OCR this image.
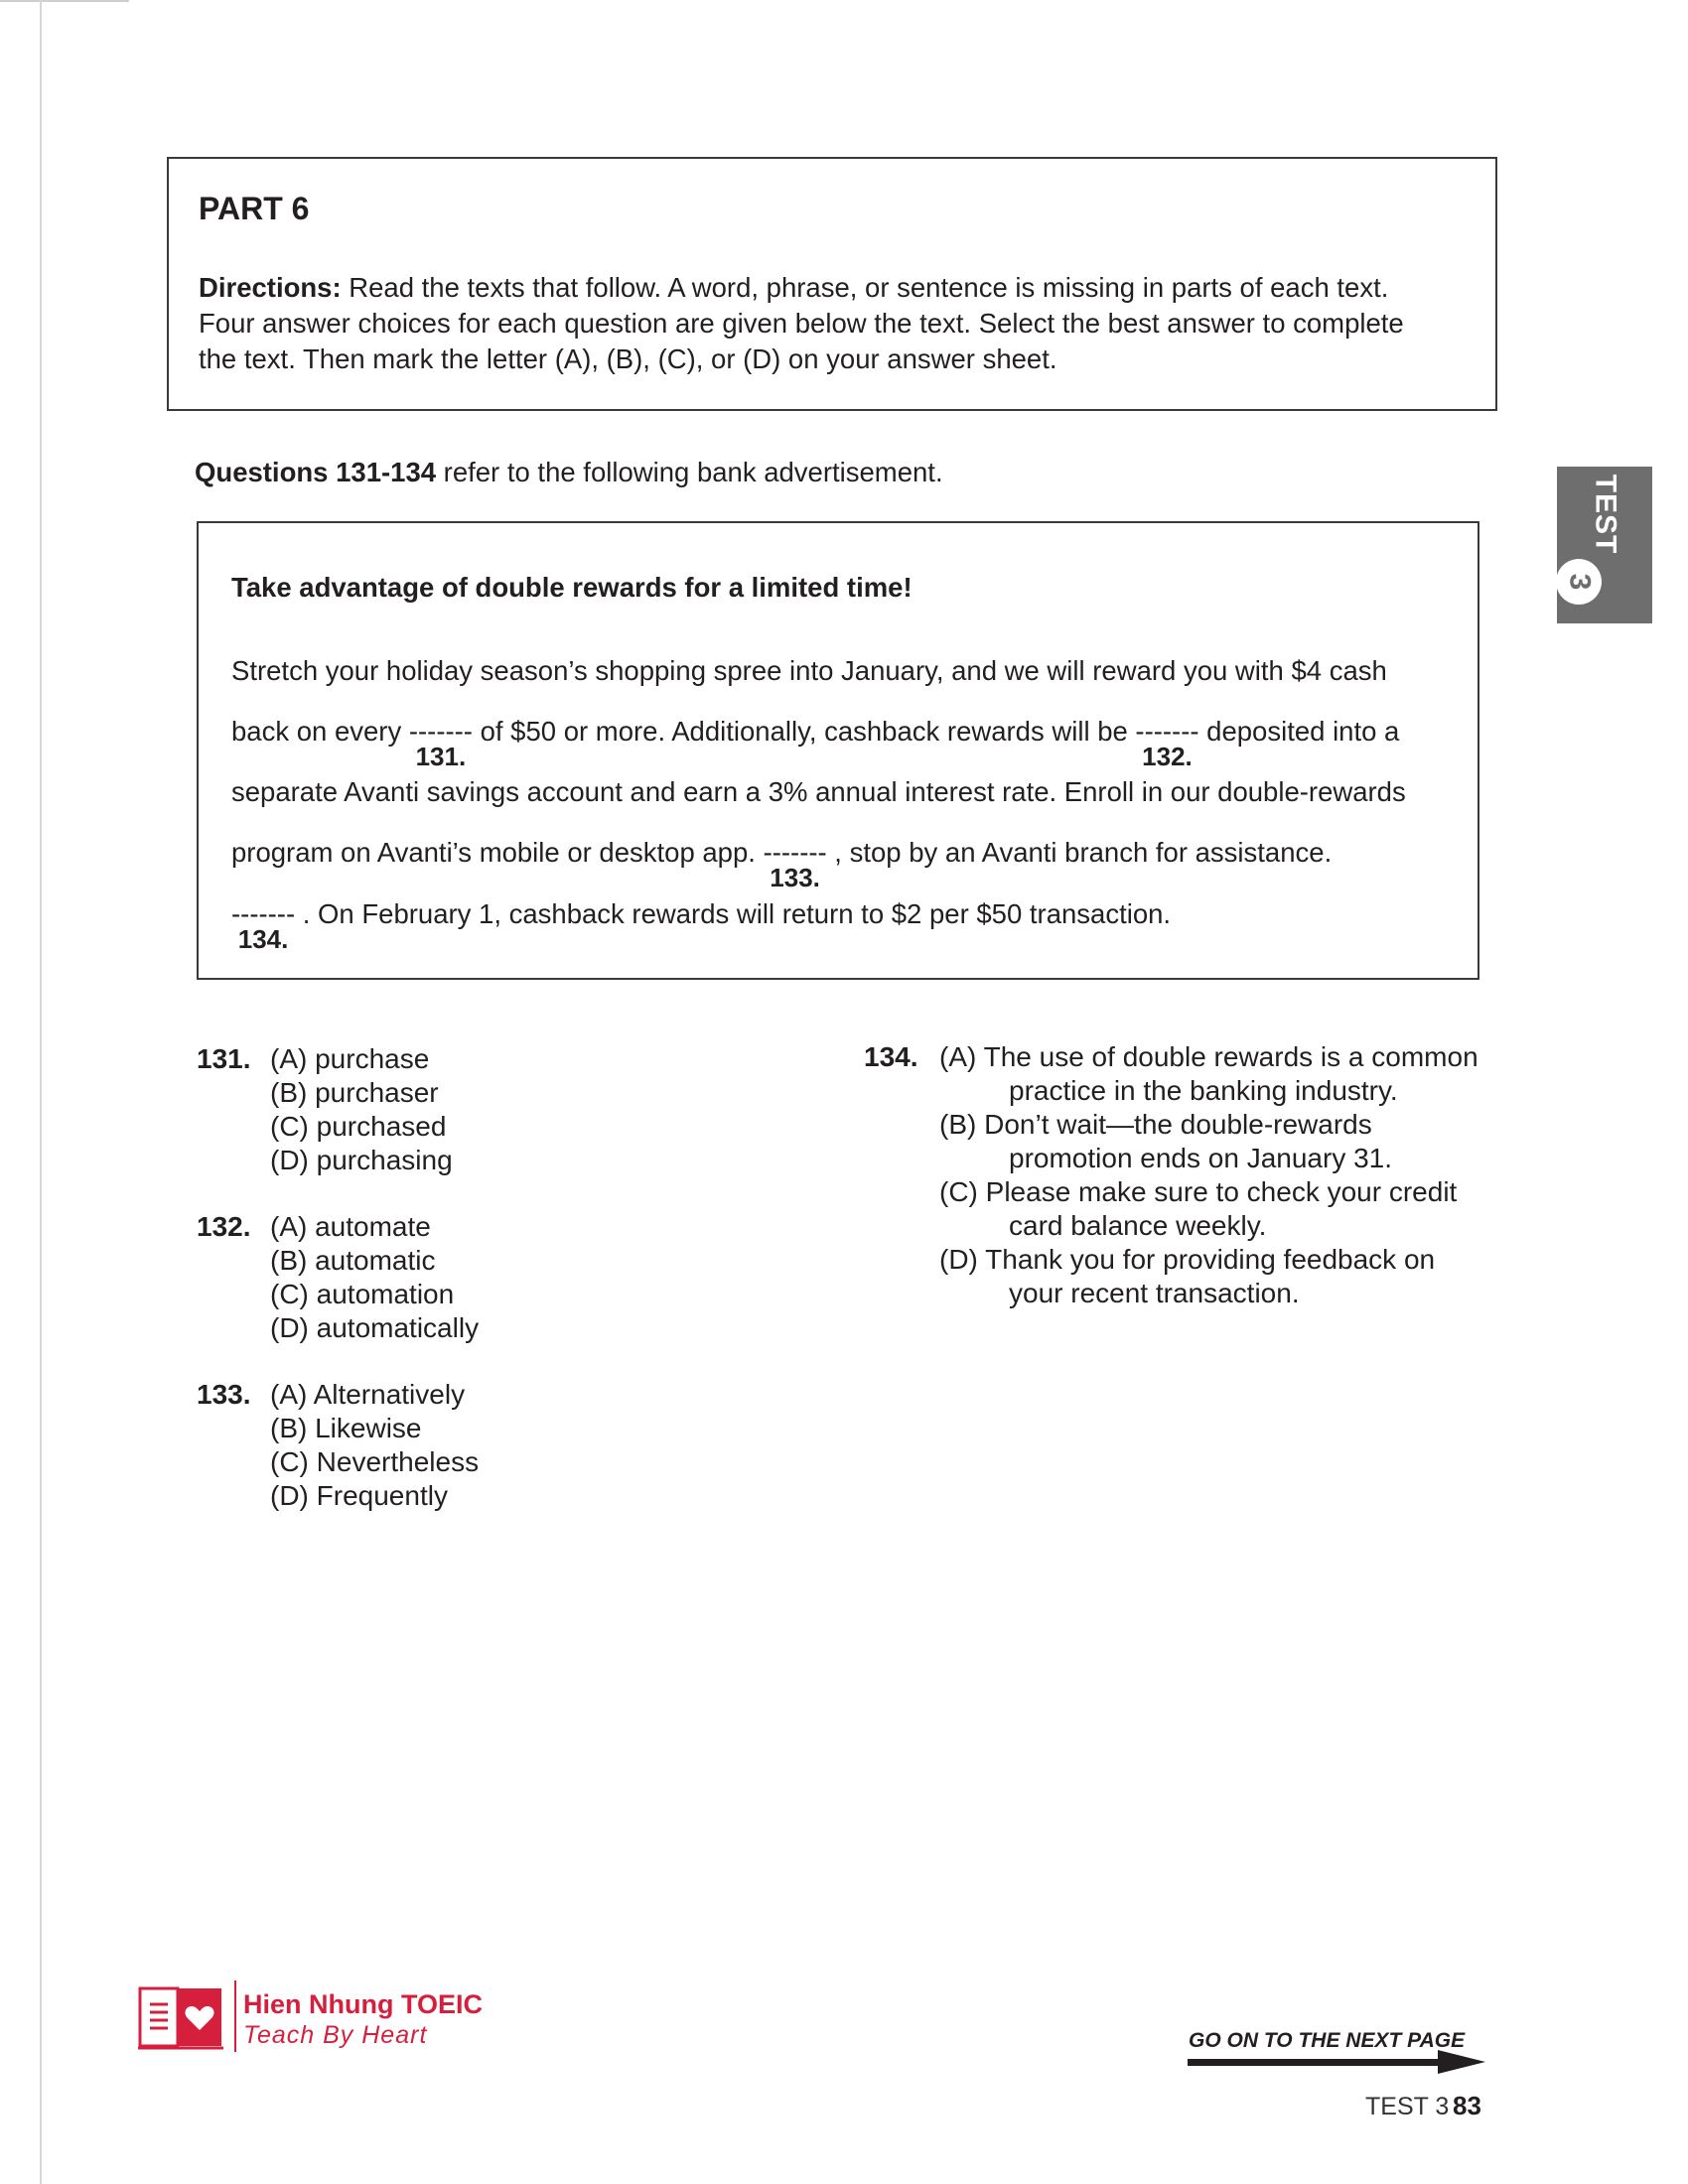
PART 6
Directions: Read the texts that follow. A word, phrase, or sentence is missing in parts of each text.
Four answer choices for each question are given below the text. Select the best answer to complete
the text. Then mark the letter (A), (B), (C), or (D) on your answer sheet.
Questions 131-134 refer to the following bank advertisement.
Take advantage of double rewards for a limited time!
Stretch your holiday season’s shopping spree into January, and we will reward you with $4 cash
back on every -------
131.
of $50 or more. Additionally, cashback rewards will be -------
132.
deposited into a
separate Avanti savings account and earn a 3% annual interest rate. Enroll in our double-rewards
program on Avanti’s mobile or desktop app. -------
133.
, stop by an Avanti branch for assistance.
-------
134.
. On February 1, cashback rewards will return to $2 per $50 transaction.
131. (A) purchase
(B) purchaser
(C) purchased
(D) purchasing
132. (A) automate
(B) automatic
(C) automation
(D) automatically
133. (A) Alternatively
(B) Likewise
(C) Nevertheless
(D) Frequently
134. (A) The use of double rewards is a common
practice in the banking industry.
(B) Don’t wait—the double-rewards
promotion ends on January 31.
(C) Please make sure to check your credit
card balance weekly.
(D) Thank you for providing feedback on
your recent transaction.
TEST
3
Hien Nhung TOEIC
Teach By Heart	GO ON TO THE NEXT PAGE
TEST 3 83
